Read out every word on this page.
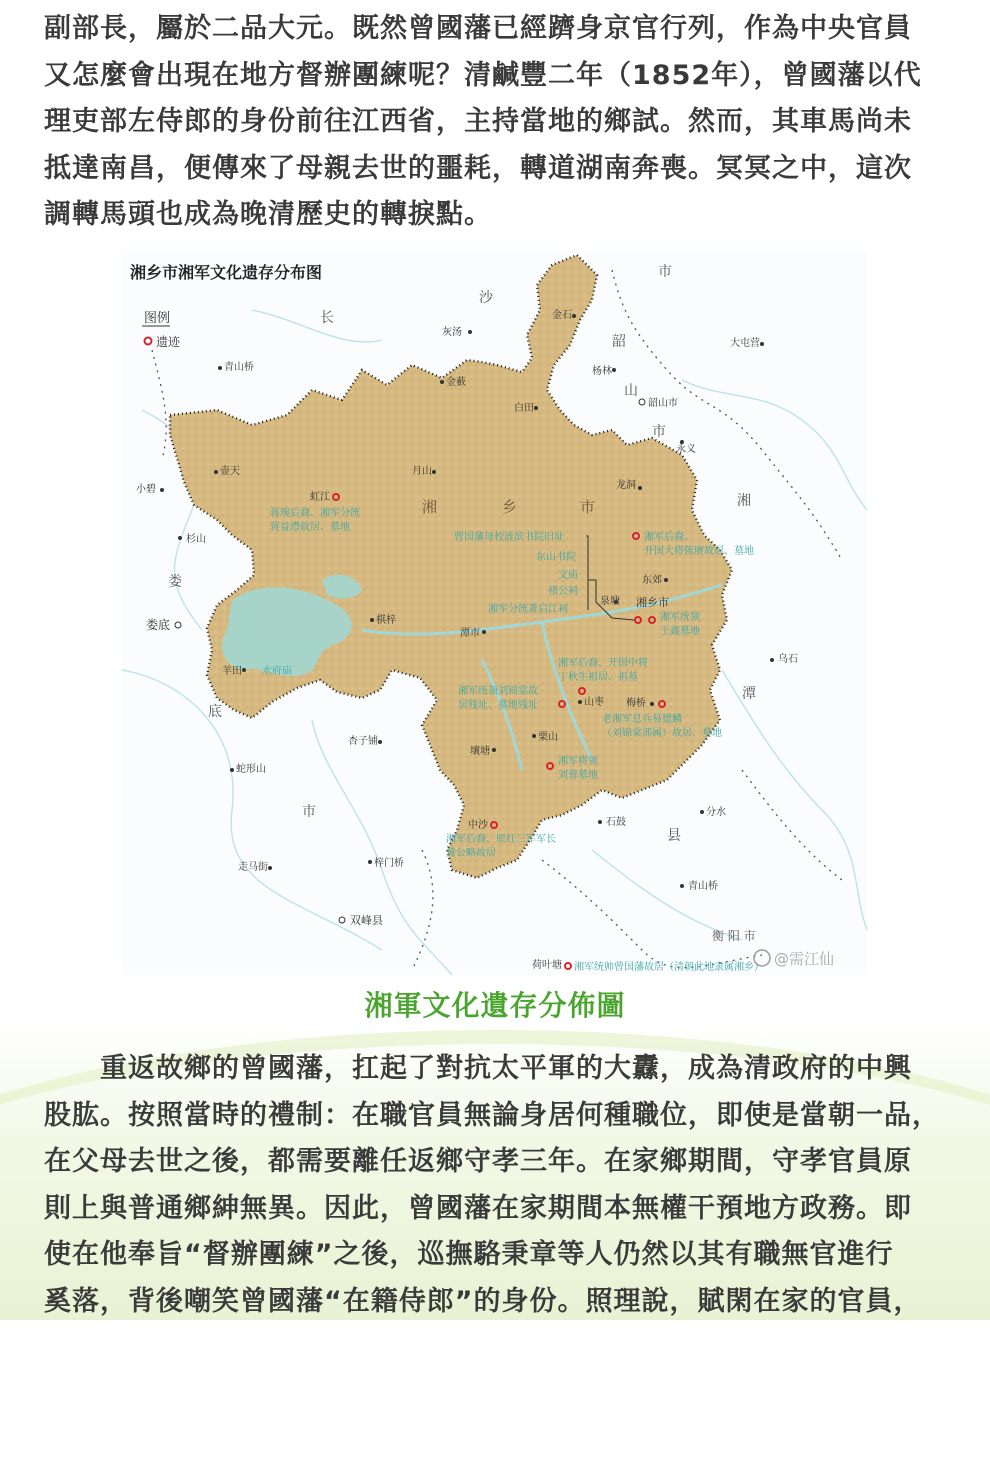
副部長，屬於二品大元。既然曾國藩已經躋身京官行列，作為中央官員
又怎麼會出現在地方督辦團練呢？清鹹豐二年（1852年），曾國藩以代
理吏部左侍郎的身份前往江西省，主持當地的鄉試。然而，其車馬尚未
抵達南昌，便傳來了母親去世的噩耗，轉道湖南奔喪。冥冥之中，這次
調轉馬頭也成為晚清歷史的轉捩點。
湘乡市湘军文化遗存分布图
图例
遗迹
沙
长
市
韶
山
市
湘
娄
潭
底
市
县
衡 阳 市
湘	乡	市
灰汤
金石
大屯营
青山桥
金薮
杨林
白田	韶山市
永义
壶天	月山
龙洞
小碧
杉山
娄底
东郊
泉塘 湘乡市
乌石
潭市
棋梓
羊田
梅桥
山枣
杏子铺
蛇形山
壤塘
栗山
石鼓
分水
走马街	梓门桥
青山桥
双峰县
荷叶塘
虹江
中沙
蒋琬后裔、湘军分统
蒋益澧故居、墓地
曾国藩母校涟滨书院旧址
东山书院
文庙
褚公祠
湘军分统萧启江祠
湘军后裔、
开国大将陈赓故居、墓地
湘军统领
王鑫墓地
湘军后裔、开国中将
丁秋生祖居、祖墓
湘军统领刘锦棠故
居残址、墓地残址
老湘军总兵易德麟
（刘锦棠部属）故居、墓地
湘军将领
刘蓉墓地
湘军后裔、原红三军军长
黄公略故居
湘军统帅曾国藩故居（清朝此地隶属湘乡）
水府庙
@需江仙
湘軍文化遺存分佈圖
重返故鄉的曾國藩，扛起了對抗太平軍的大纛，成為清政府的中興
股肱。按照當時的禮制：在職官員無論身居何種職位，即使是當朝一品，
在父母去世之後，都需要離任返鄉守孝三年。在家鄉期間，守孝官員原
則上與普通鄉紳無異。因此，曾國藩在家期間本無權干預地方政務。即
使在他奉旨“督辦團練”之後，巡撫駱秉章等人仍然以其有職無官進行
奚落，背後嘲笑曾國藩“在籍侍郎”的身份。照理說，賦閑在家的官員，
